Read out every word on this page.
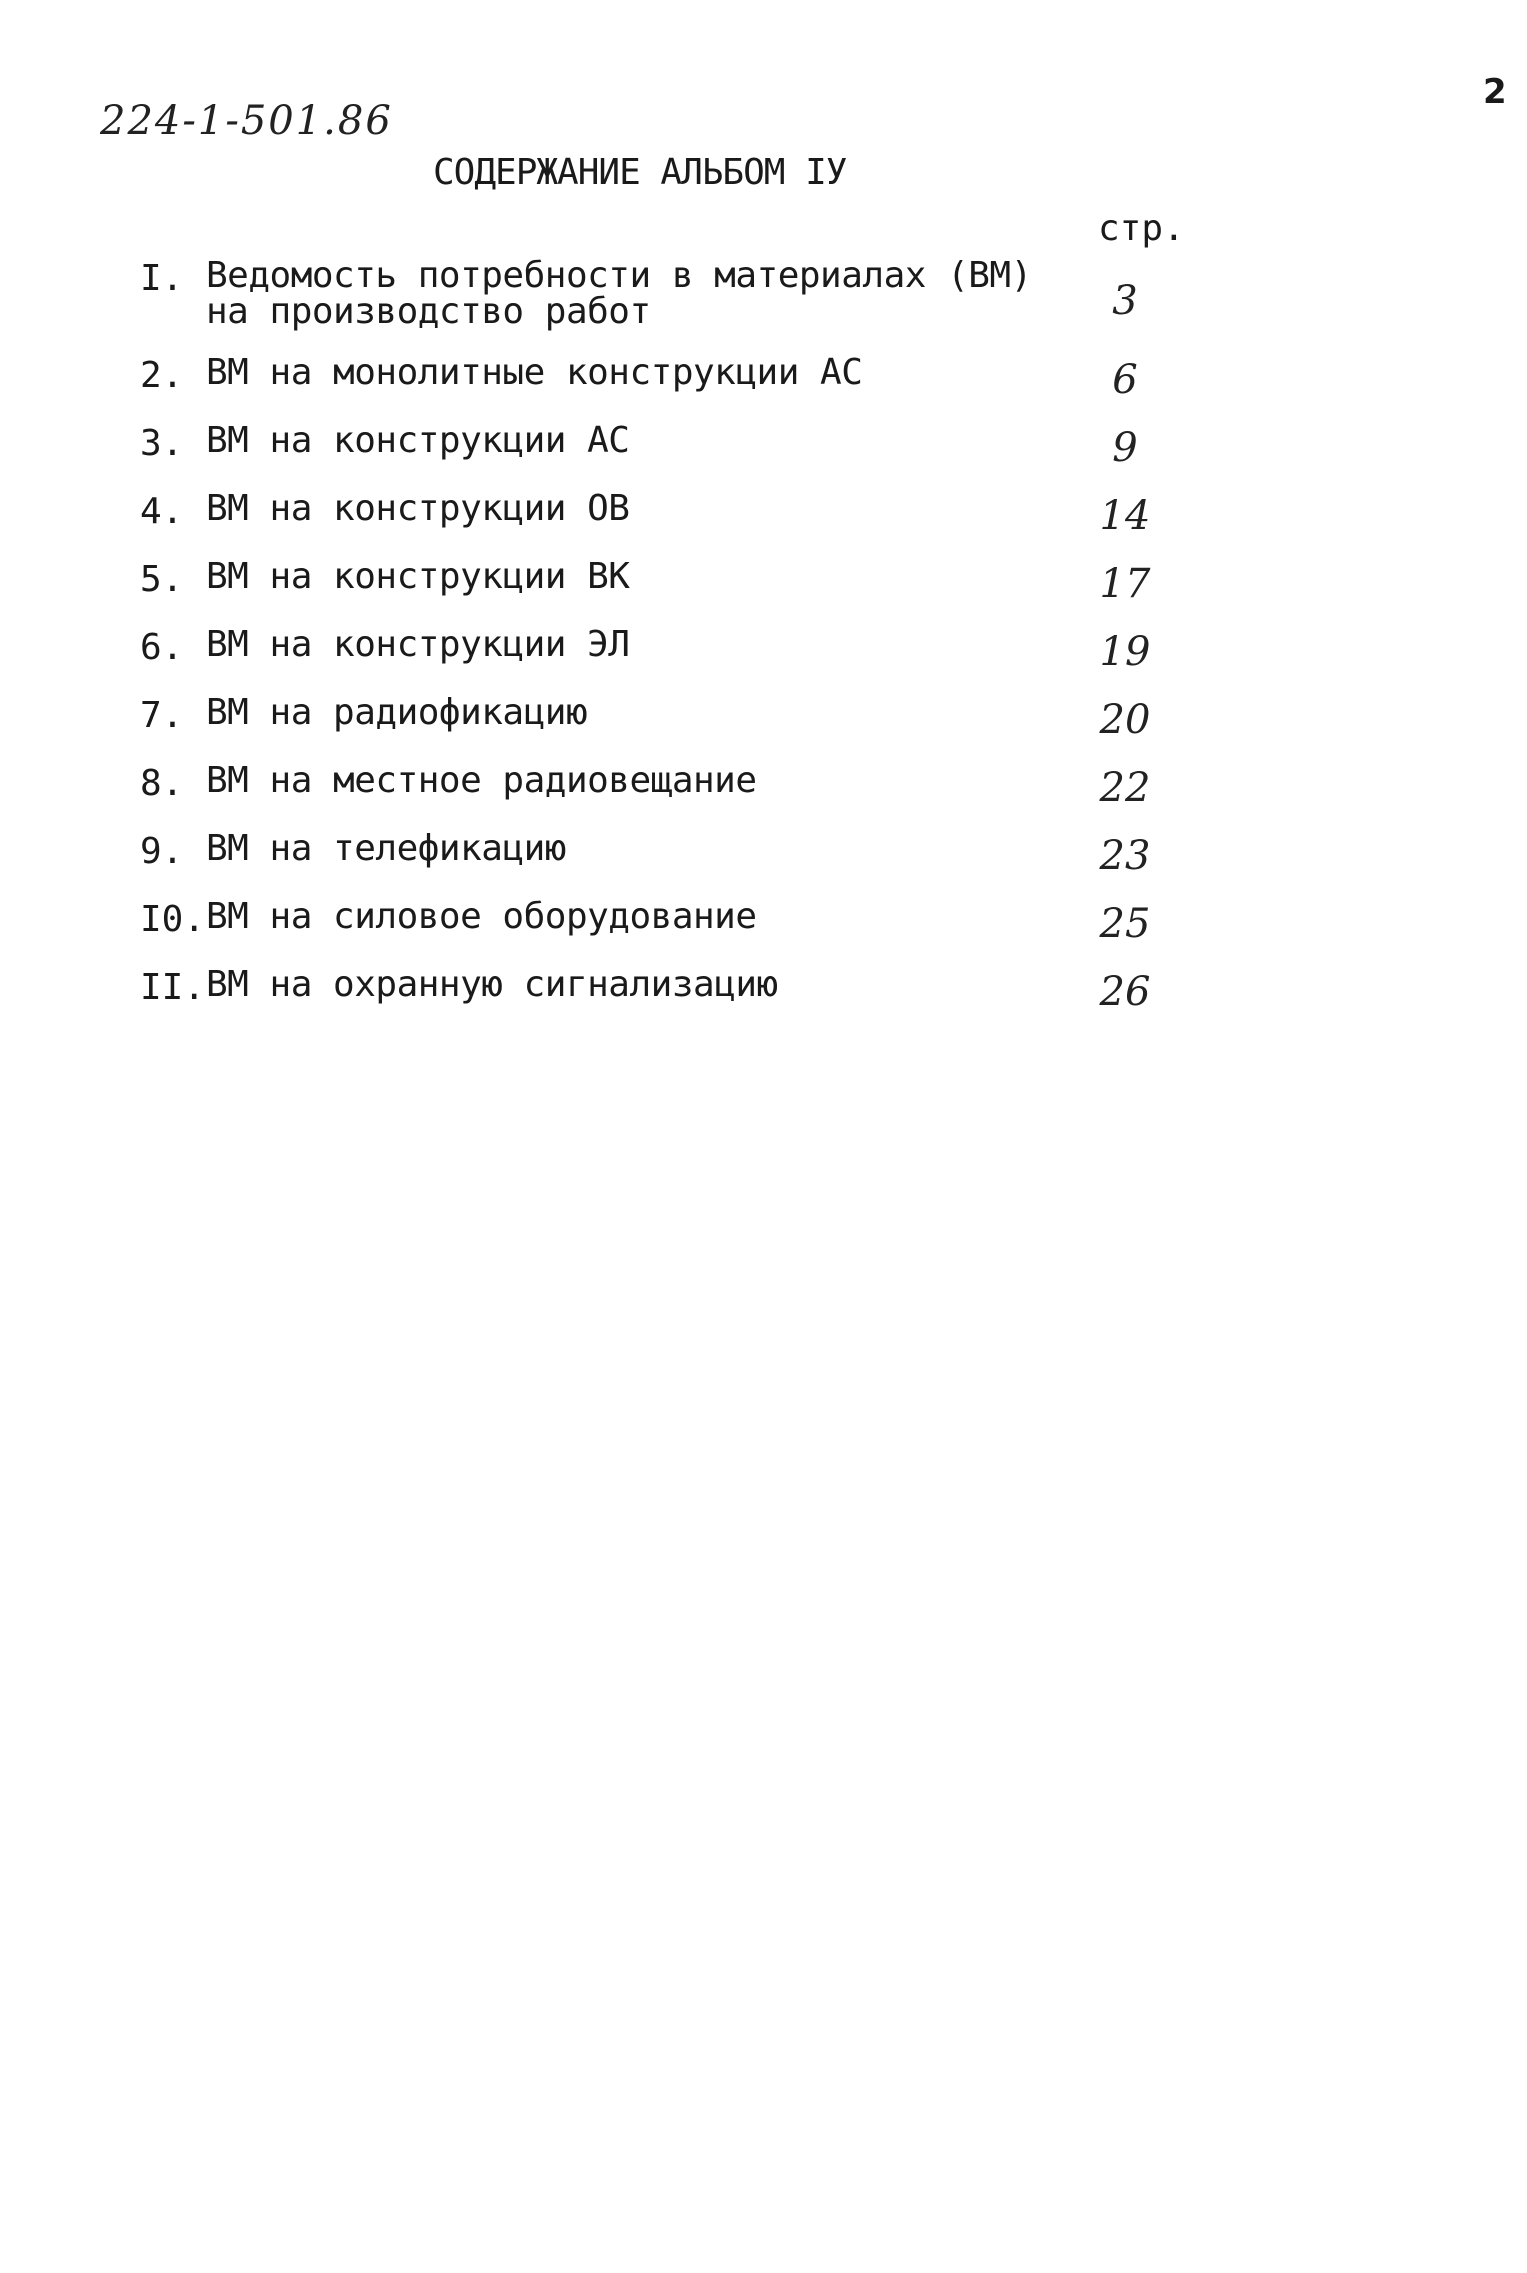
2
224-1-501.86
СОДЕРЖАНИЕ АЛЬБОМ IУ
стр.
I. Ведомость потребности в материалах (ВМ)
на производство работ	3
2. ВМ на монолитные конструкции АС	6
3. ВМ на конструкции АС	9
4. ВМ на конструкции ОВ	14
5. ВМ на конструкции ВК	17
6. ВМ на конструкции ЭЛ	19
7. ВМ на радиофикацию	20
8. ВМ на местное радиовещание	22
9. ВМ на телефикацию	23
I0. ВМ на силовое оборудование	25
II. ВМ на охранную сигнализацию	26
